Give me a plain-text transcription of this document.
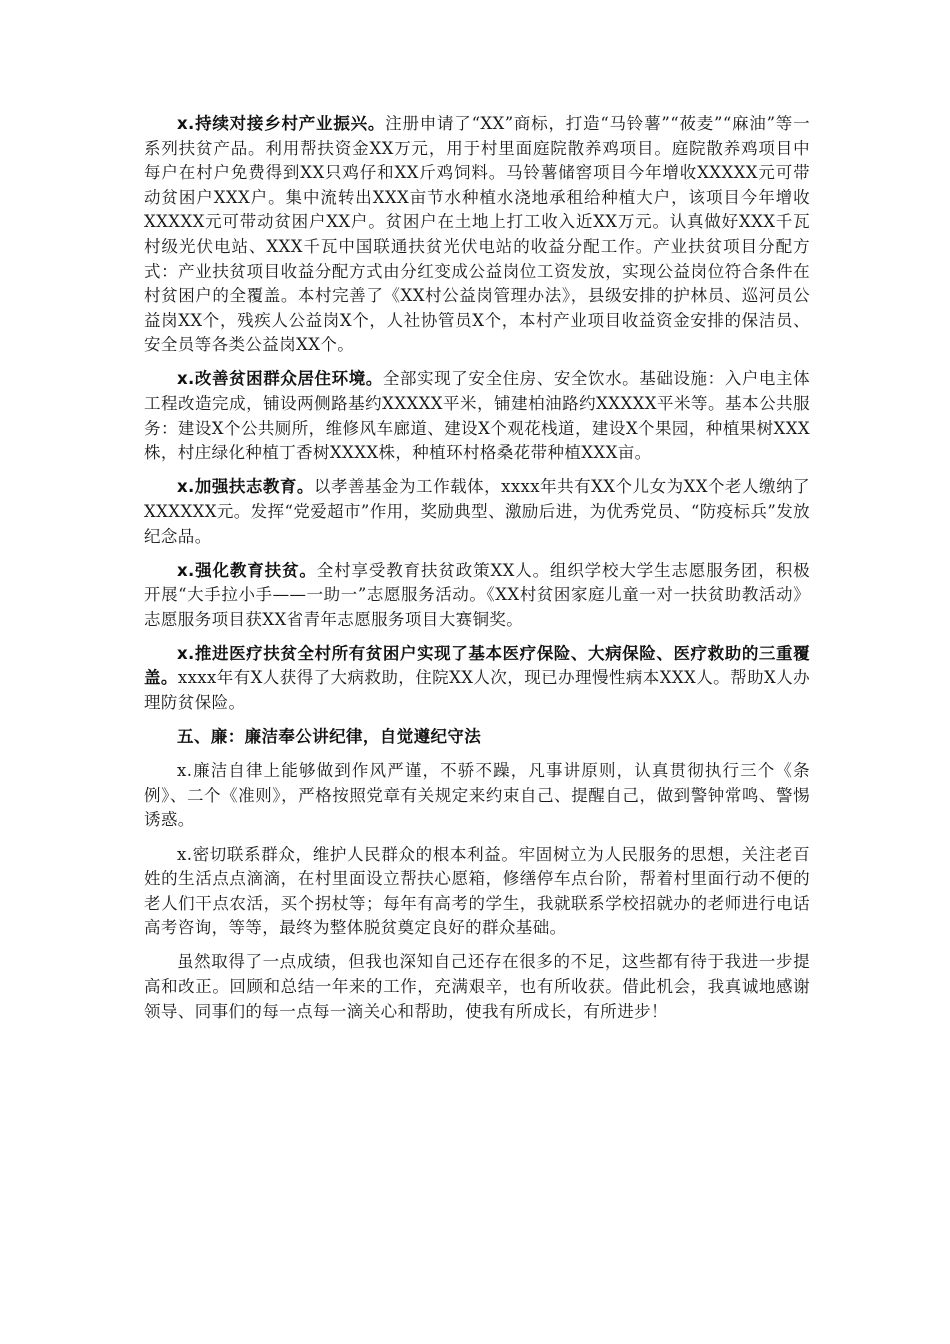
x.持续对接乡村产业振兴。注册申请了“XX”商标，打造“马铃薯”“莜麦”“麻油”等一系列扶贫产品。利用帮扶资金XX万元，用于村里面庭院散养鸡项目。庭院散养鸡项目中每户在村户免费得到XX只鸡仔和XX斤鸡饲料。马铃薯储窖项目今年增收XXXXX元可带动贫困户XXX户。集中流转出XXX亩节水种植水浇地承租给种植大户，该项目今年增收XXXXX元可带动贫困户XX户。贫困户在土地上打工收入近XX万元。认真做好XXX千瓦村级光伏电站、XXX千瓦中国联通扶贫光伏电站的收益分配工作。产业扶贫项目分配方式：产业扶贫项目收益分配方式由分红变成公益岗位工资发放，实现公益岗位符合条件在村贫困户的全覆盖。本村完善了《XX村公益岗管理办法》，县级安排的护林员、巡河员公益岗XX个，残疾人公益岗X个，人社协管员X个，本村产业项目收益资金安排的保洁员、安全员等各类公益岗XX个。

x.改善贫困群众居住环境。全部实现了安全住房、安全饮水。基础设施：入户电主体工程改造完成，铺设两侧路基约XXXXX平米，铺建柏油路约XXXXX平米等。基本公共服务：建设X个公共厕所，维修风车廊道、建设X个观花栈道，建设X个果园，种植果树XXX株，村庄绿化种植丁香树XXXX株，种植环村格桑花带种植XXX亩。

x.加强扶志教育。以孝善基金为工作载体，xxxx年共有XX个儿女为XX个老人缴纳了XXXXXX元。发挥“党爱超市”作用，奖励典型、激励后进，为优秀党员、“防疫标兵”发放纪念品。

x.强化教育扶贫。全村享受教育扶贫政策XX人。组织学校大学生志愿服务团，积极开展“大手拉小手——一助一”志愿服务活动。《XX村贫困家庭儿童一对一扶贫助教活动》志愿服务项目获XX省青年志愿服务项目大赛铜奖。

x.推进医疗扶贫全村所有贫困户实现了基本医疗保险、大病保险、医疗救助的三重覆盖。xxxx年有X人获得了大病救助，住院XX人次，现已办理慢性病本XXX人。帮助X人办理防贫保险。

五、廉：廉洁奉公讲纪律，自觉遵纪守法

x.廉洁自律上能够做到作风严谨，不骄不躁，凡事讲原则，认真贯彻执行三个《条例》、二个《准则》，严格按照党章有关规定来约束自己、提醒自己，做到警钟常鸣、警惕诱惑。

x.密切联系群众，维护人民群众的根本利益。牢固树立为人民服务的思想，关注老百姓的生活点点滴滴，在村里面设立帮扶心愿箱，修缮停车点台阶，帮着村里面行动不便的老人们干点农活，买个拐杖等；每年有高考的学生，我就联系学校招就办的老师进行电话高考咨询，等等，最终为整体脱贫奠定良好的群众基础。

虽然取得了一点成绩，但我也深知自己还存在很多的不足，这些都有待于我进一步提高和改正。回顾和总结一年来的工作，充满艰辛，也有所收获。借此机会，我真诚地感谢领导、同事们的每一点每一滴关心和帮助，使我有所成长，有所进步！
